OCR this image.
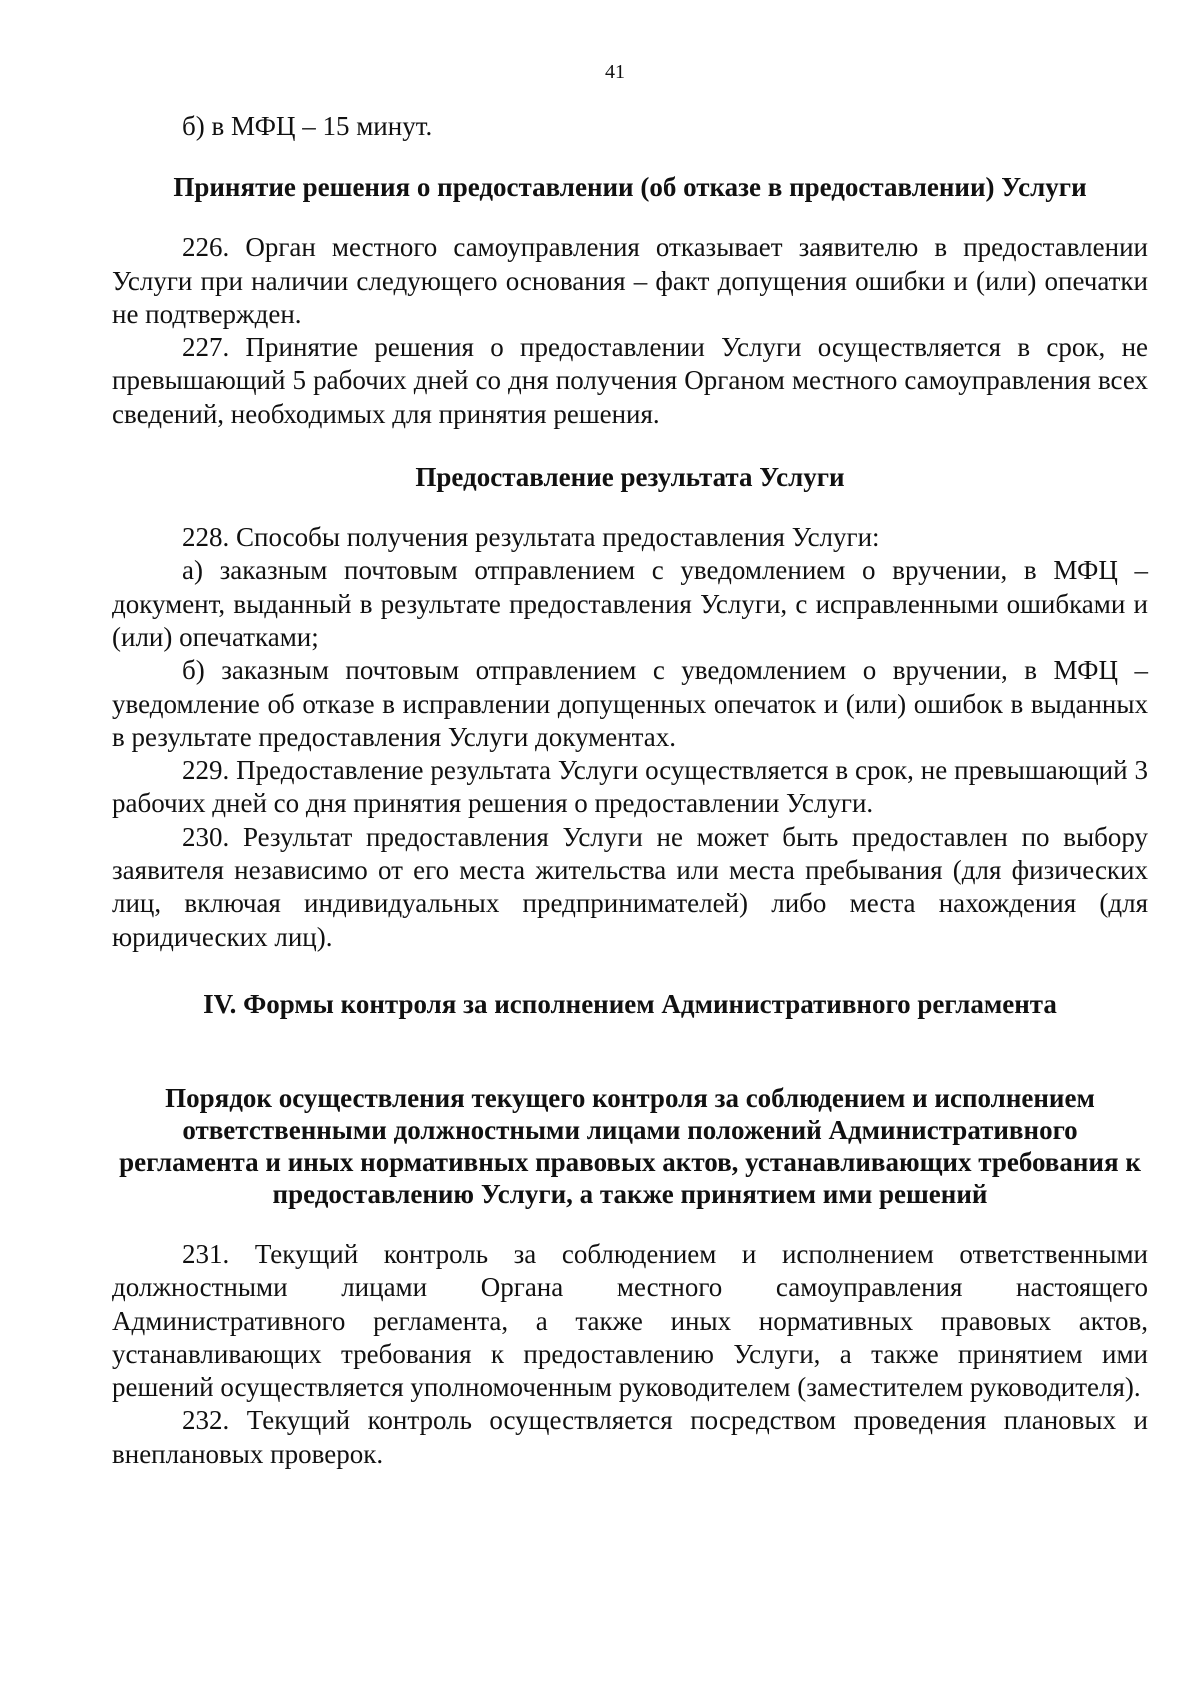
41

б) в МФЦ – 15 минут.

Принятие решения о предоставлении (об отказе в предоставлении) Услуги

226. Орган местного самоуправления отказывает заявителю в предоставлении Услуги при наличии следующего основания – факт допущения ошибки и (или) опечатки не подтвержден.

227. Принятие решения о предоставлении Услуги осуществляется в срок, не превышающий 5 рабочих дней со дня получения Органом местного самоуправления всех сведений, необходимых для принятия решения.

Предоставление результата Услуги

228. Способы получения результата предоставления Услуги:

а) заказным почтовым отправлением с уведомлением о вручении, в МФЦ – документ, выданный в результате предоставления Услуги, с исправленными ошибками и (или) опечатками;

б) заказным почтовым отправлением с уведомлением о вручении, в МФЦ – уведомление об отказе в исправлении допущенных опечаток и (или) ошибок в выданных в результате предоставления Услуги документах.

229. Предоставление результата Услуги осуществляется в срок, не превышающий 3 рабочих дней со дня принятия решения о предоставлении Услуги.

230. Результат предоставления Услуги не может быть предоставлен по выбору заявителя независимо от его места жительства или места пребывания (для физических лиц, включая индивидуальных предпринимателей) либо места нахождения (для юридических лиц).

IV. Формы контроля за исполнением Административного регламента
Порядок осуществления текущего контроля за соблюдением и исполнением ответственными должностными лицами положений Административного регламента и иных нормативных правовых актов, устанавливающих требования к предоставлению Услуги, а также принятием ими решений

231. Текущий контроль за соблюдением и исполнением ответственными должностными лицами Органа местного самоуправления настоящего Административного регламента, а также иных нормативных правовых актов, устанавливающих требования к предоставлению Услуги, а также принятием ими решений осуществляется уполномоченным руководителем (заместителем руководителя).

232. Текущий контроль осуществляется посредством проведения плановых и внеплановых проверок.
